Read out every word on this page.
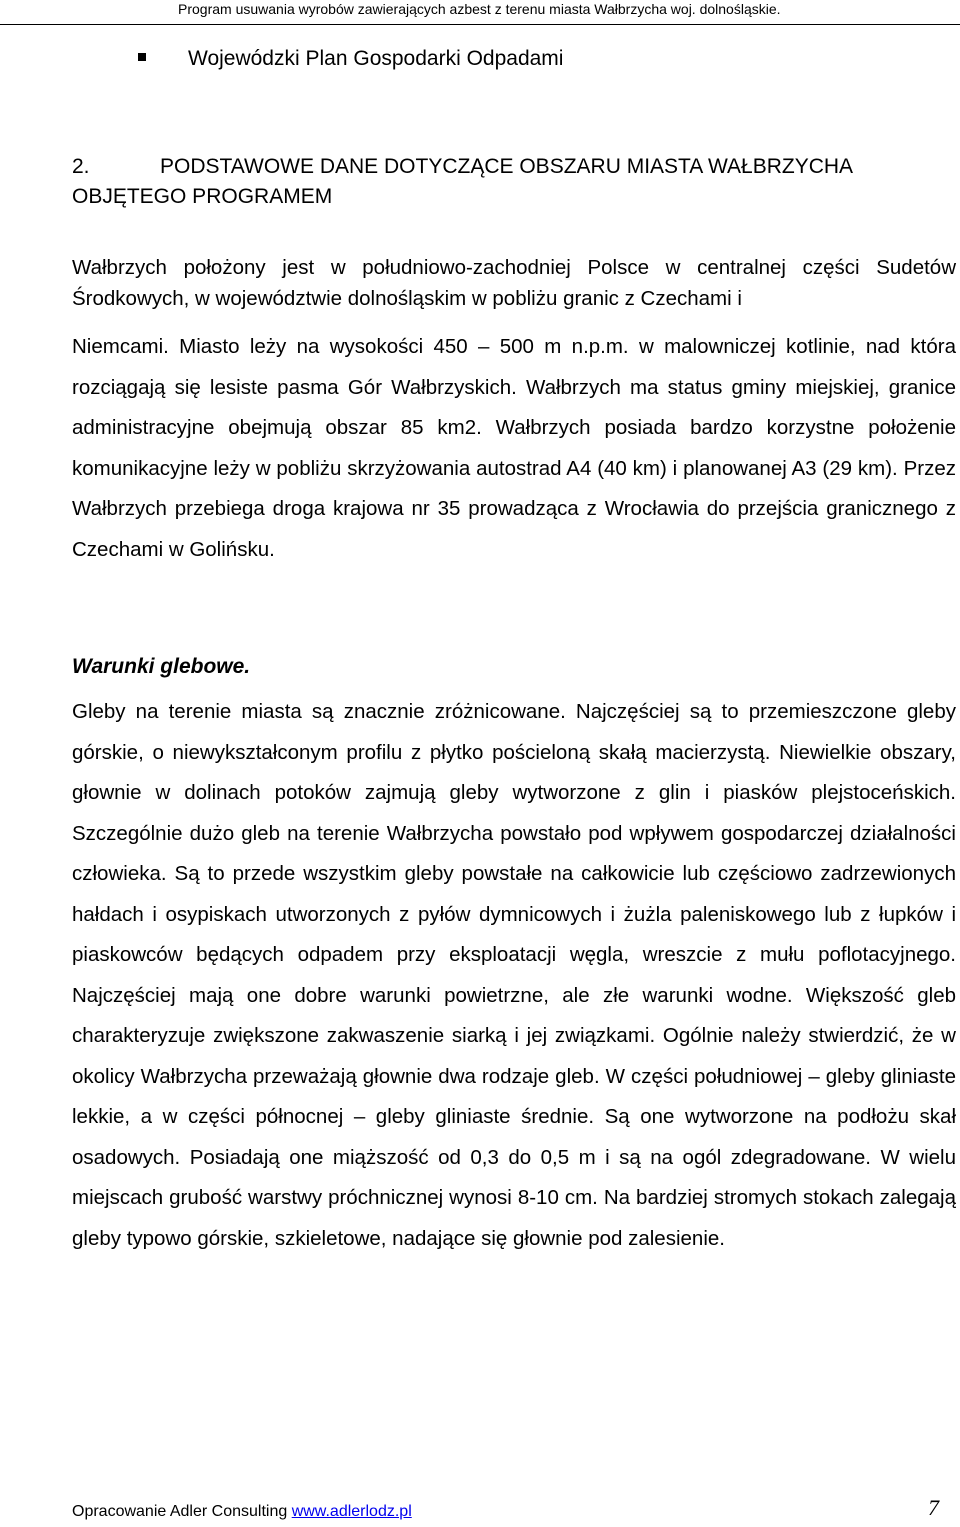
Program usuwania wyrobów zawierających azbest z terenu miasta Wałbrzycha woj. dolnośląskie.
Wojewódzki Plan Gospodarki Odpadami
2.	PODSTAWOWE DANE DOTYCZĄCE OBSZARU MIASTA WAŁBRZYCHA OBJĘTEGO PROGRAMEM
Wałbrzych położony jest w południowo-zachodniej Polsce w centralnej części Sudetów Środkowych, w województwie dolnośląskim w pobliżu granic z Czechami i
Niemcami. Miasto leży na wysokości 450 – 500 m n.p.m. w malowniczej kotlinie, nad która rozciągają się lesiste pasma Gór Wałbrzyskich. Wałbrzych ma status gminy miejskiej, granice administracyjne obejmują obszar 85 km2. Wałbrzych posiada bardzo korzystne położenie komunikacyjne leży w pobliżu skrzyżowania autostrad A4 (40 km) i planowanej A3 (29 km). Przez Wałbrzych przebiega droga krajowa nr 35 prowadząca z Wrocławia do przejścia granicznego z Czechami w Golińsku.
Warunki glebowe.
Gleby na terenie miasta są znacznie zróżnicowane. Najczęściej są to przemieszczone gleby górskie, o niewykształconym profilu z płytko pościeloną skałą macierzystą. Niewielkie obszary, głownie w dolinach potoków zajmują gleby wytworzone z glin i piasków plejstoceńskich. Szczególnie dużo gleb na terenie Wałbrzycha powstało pod wpływem gospodarczej działalności człowieka. Są to przede wszystkim gleby powstałe na całkowicie lub częściowo zadrzewionych hałdach i osypiskach utworzonych z pyłów dymnicowych i żużla paleniskowego lub z łupków i piaskowców będących odpadem przy eksploatacji węgla, wreszcie z mułu poflotacyjnego. Najczęściej mają one dobre warunki powietrzne, ale złe warunki wodne. Większość gleb charakteryzuje zwiększone zakwaszenie siarką i jej związkami. Ogólnie należy stwierdzić, że w okolicy Wałbrzycha przeważają głownie dwa rodzaje gleb. W części południowej – gleby gliniaste lekkie, a w części północnej – gleby gliniaste średnie. Są one wytworzone na podłożu skał osadowych. Posiadają one miąższość od 0,3 do 0,5 m i są na ogól zdegradowane. W wielu miejscach grubość warstwy próchnicznej wynosi 8-10 cm. Na bardziej stromych stokach zalegają gleby typowo górskie, szkieletowe, nadające się głownie pod zalesienie.
Opracowanie Adler Consulting www.adlerlodz.pl	7
